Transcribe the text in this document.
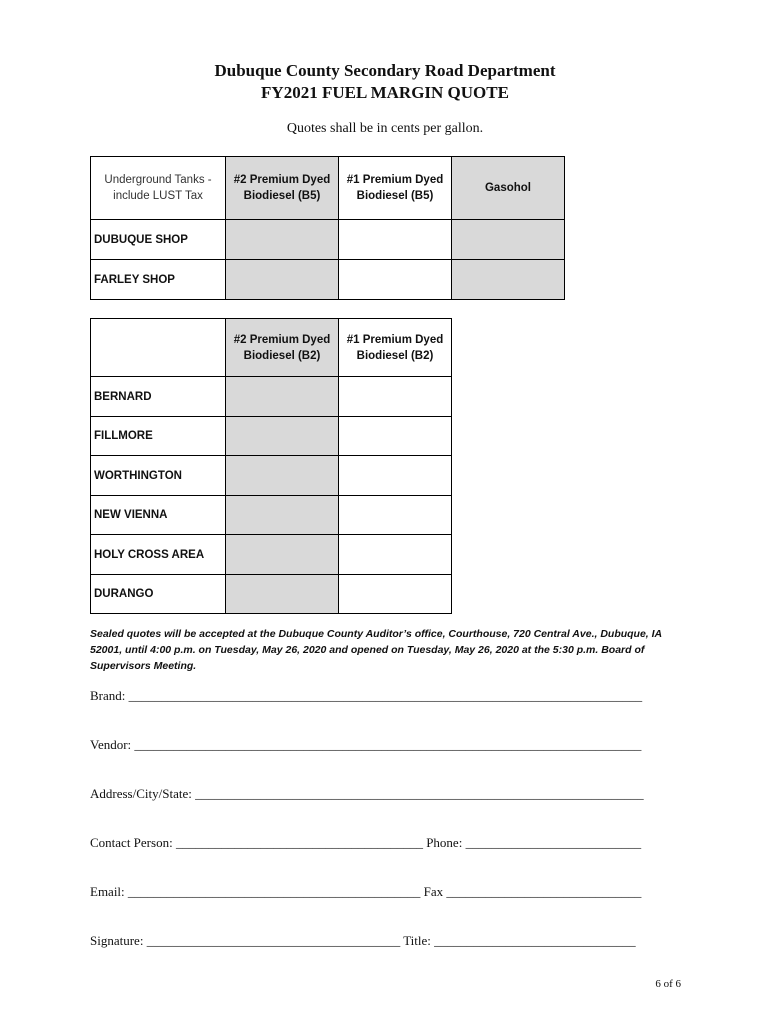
Dubuque County Secondary Road Department
FY2021 FUEL MARGIN QUOTE
Quotes shall be in cents per gallon.
Underground Tanks - include LUST Tax	#2 Premium Dyed Biodiesel (B5)	#1 Premium Dyed Biodiesel (B5)	Gasohol
DUBUQUE SHOP			
FARLEY SHOP			
	#2 Premium Dyed Biodiesel (B2)	#1 Premium Dyed Biodiesel (B2)
BERNARD		
FILLMORE		
WORTHINGTON		
NEW VIENNA		
HOLY CROSS AREA		
DURANGO		
Sealed quotes will be accepted at the Dubuque County Auditor’s office, Courthouse, 720 Central Ave., Dubuque, IA 52001, until 4:00 p.m. on Tuesday, May 26, 2020 and opened on Tuesday, May 26, 2020 at the 5:30 p.m. Board of Supervisors Meeting.
Brand: _______________________________________________________________________________
Vendor: ______________________________________________________________________________
Address/City/State: _____________________________________________________________________
Contact Person: ______________________________________ Phone: ___________________________
Email: _____________________________________________ Fax ______________________________
Signature: _______________________________________ Title: _______________________________
6 of 6
